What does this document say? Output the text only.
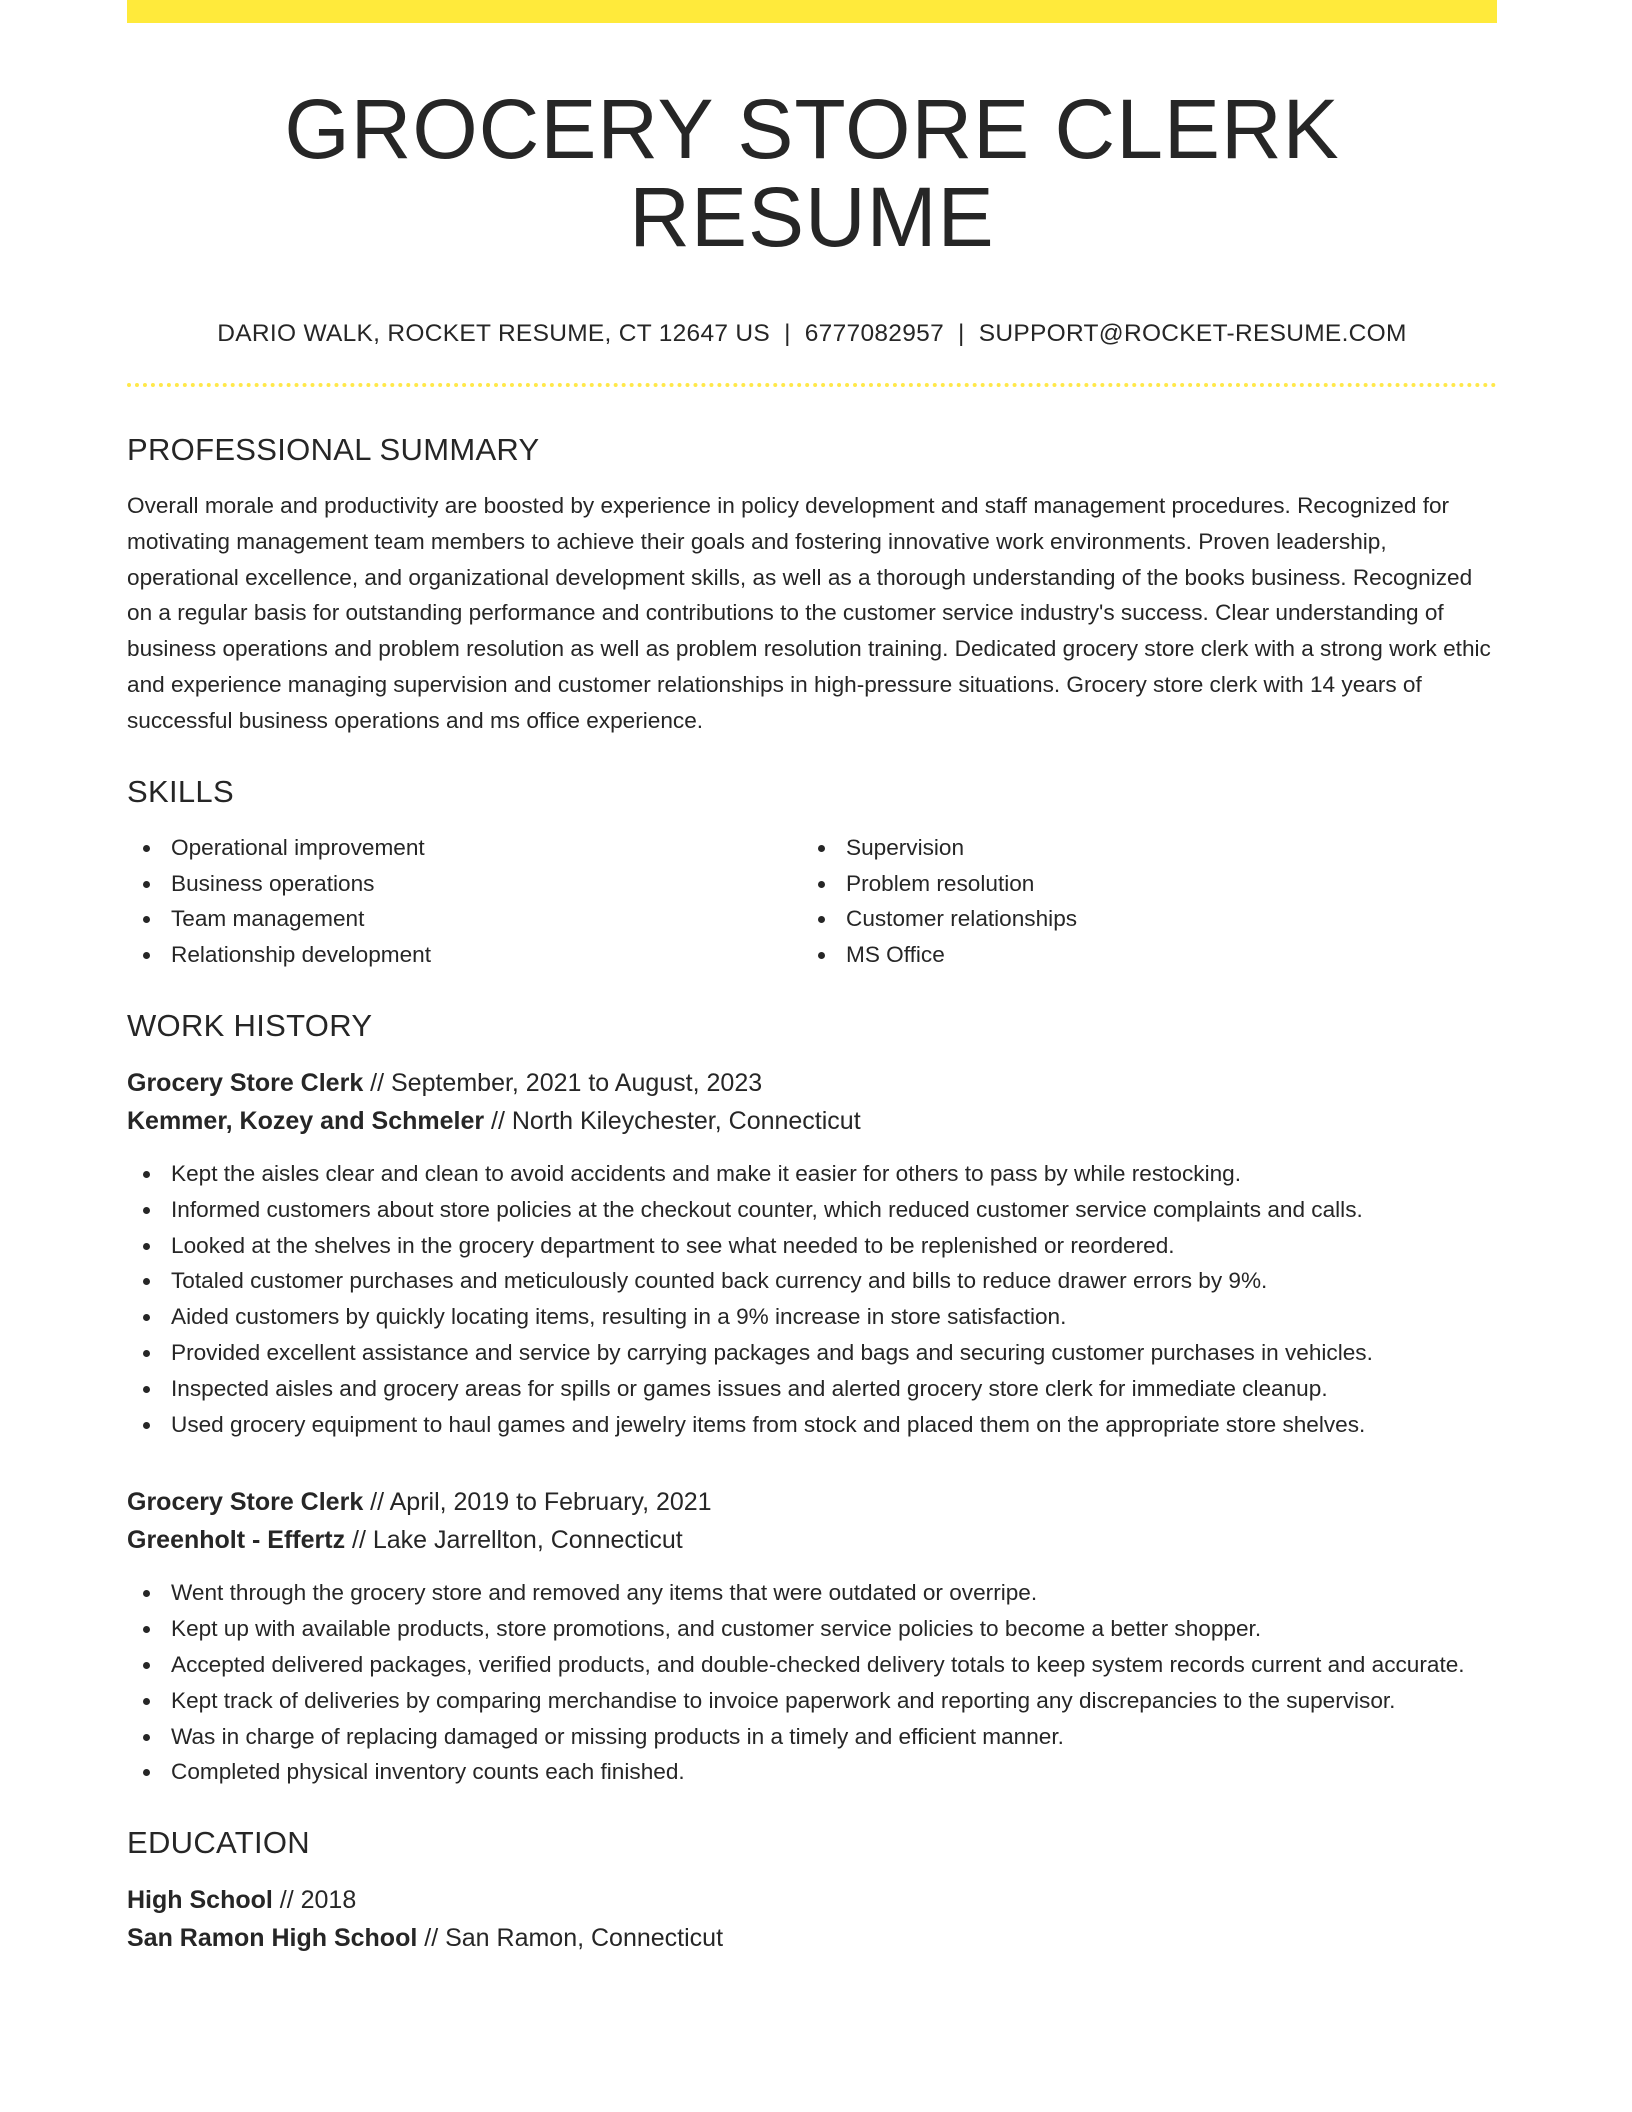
GROCERY STORE CLERK RESUME
DARIO WALK, ROCKET RESUME, CT 12647 US | 6777082957 | SUPPORT@ROCKET-RESUME.COM
PROFESSIONAL SUMMARY

Overall morale and productivity are boosted by experience in policy development and staff management procedures. Recognized for motivating management team members to achieve their goals and fostering innovative work environments. Proven leadership, operational excellence, and organizational development skills, as well as a thorough understanding of the books business. Recognized on a regular basis for outstanding performance and contributions to the customer service industry's success. Clear understanding of business operations and problem resolution as well as problem resolution training. Dedicated grocery store clerk with a strong work ethic and experience managing supervision and customer relationships in high-pressure situations. Grocery store clerk with 14 years of successful business operations and ms office experience.

SKILLS
Operational improvement
Business operations
Team management
Relationship development
Supervision
Problem resolution
Customer relationships
MS Office
WORK HISTORY
Grocery Store Clerk // September, 2021 to August, 2023
Kemmer, Kozey and Schmeler // North Kileychester, Connecticut
Kept the aisles clear and clean to avoid accidents and make it easier for others to pass by while restocking.
Informed customers about store policies at the checkout counter, which reduced customer service complaints and calls.
Looked at the shelves in the grocery department to see what needed to be replenished or reordered.
Totaled customer purchases and meticulously counted back currency and bills to reduce drawer errors by 9%.
Aided customers by quickly locating items, resulting in a 9% increase in store satisfaction.
Provided excellent assistance and service by carrying packages and bags and securing customer purchases in vehicles.
Inspected aisles and grocery areas for spills or games issues and alerted grocery store clerk for immediate cleanup.
Used grocery equipment to haul games and jewelry items from stock and placed them on the appropriate store shelves.
Grocery Store Clerk // April, 2019 to February, 2021
Greenholt - Effertz // Lake Jarrellton, Connecticut
Went through the grocery store and removed any items that were outdated or overripe.
Kept up with available products, store promotions, and customer service policies to become a better shopper.
Accepted delivered packages, verified products, and double-checked delivery totals to keep system records current and accurate.
Kept track of deliveries by comparing merchandise to invoice paperwork and reporting any discrepancies to the supervisor.
Was in charge of replacing damaged or missing products in a timely and efficient manner.
Completed physical inventory counts each finished.
EDUCATION
High School // 2018
San Ramon High School // San Ramon, Connecticut
